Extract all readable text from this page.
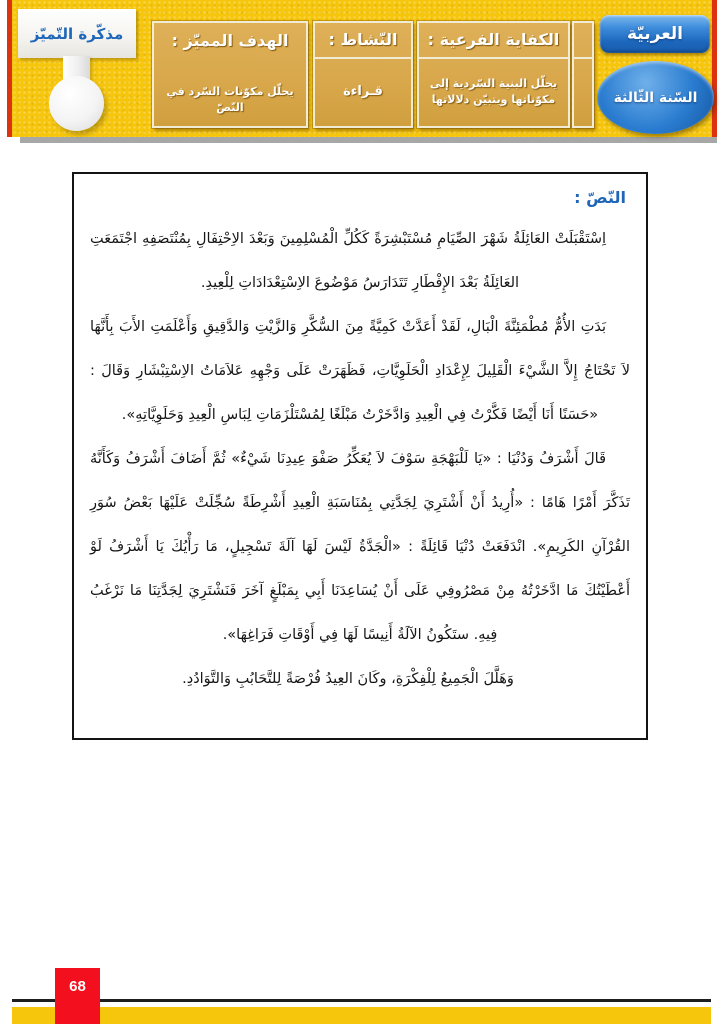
مذكّرة التّميّز	الكفاية الفرعية :
يحلّل البنية السّردية إلى مكوّناتها ويتبيّن دلالاتها
النّشاط :
قـراءة
الهدف المميّز :
يحلّل مكوّنات السّرد في النّصّ
العربيّة
السّنة الثّالثة
النّصّ :

اِسْتَقْبَلَتْ العَائِلَةُ شَهْرَ الصِّيَامِ مُسْتَبْشِرَةً كَكُلِّ الْمُسْلِمِينَ وَبَعْدَ الاِحْتِفَالِ بِمُنْتَصَفِهِ اجْتَمَعَتِ العَائِلَةُ بَعْدَ الإِفْطَارِ تَتَدَارَسُ مَوْضُوعَ الاِسْتِعْدَادَاتِ لِلْعِيدِ.

بَدَتِ الأُمُّ مُطْمَئِنَّةَ الْبَالِ، لَقَدْ أَعَدَّتْ كَمِيَّةً مِنَ السُّكَّرِ وَالزَّيْتِ وَالدَّقِيقِ وَأَعْلَمَتِ الأَبَ بِأَنَّهَا لاَ تَحْتَاجُ إِلاَّ الشَّيْءَ الْقَلِيلَ لِإِعْدَادِ الْحَلَوِيَّاتِ، فَظَهَرَتْ عَلَى وَجْهِهِ عَلاَمَاتُ الاِسْتِبْشَارِ وَقَالَ : «حَسَنًا أَنَا أَيْضًا فَكَّرْتُ فِي الْعِيدِ وَادَّخَرْتُ مَبْلَغًا لِمُسْتَلْزَمَاتِ لِبَاسِ الْعِيدِ وَحَلَوِيَّاتِهِ».

قَالَ أَشْرَفُ وَدُنْيَا : «يَا لَلْبَهْجَةِ سَوْفَ لاَ يُعَكِّرُ صَفْوَ عِيدِنَا شَيْءٌ» ثُمَّ أَضَافَ أَشْرَفُ وَكَأَنَّهُ تَذَكَّرَ أَمْرًا هَامًا : «أُرِيدُ أَنْ أَشْتَرِيَ لِجَدَّتِي بِمُنَاسَبَةِ الْعِيدِ أَشْرِطَةً سُجِّلَتْ عَلَيْهَا بَعْضُ سُوَرِ القُرْآنِ الكَرِيمِ». انْدَفَعَتْ دُنْيَا قَائِلَةً : «الْجَدَّةُ لَيْسَ لَهَا آلَةَ تَسْجِيلٍ، مَا رَأْيُكَ يَا أَشْرَفُ لَوْ أَعْطَيْتُكَ مَا ادَّخَرْتُهُ مِنْ مَصْرُوفِي عَلَى أَنْ يُسَاعِدَنَا أَبِي بِمَبْلَغٍ آخَرَ فَنَشْتَرِيَ لِجَدَّتِنَا مَا نَرْغَبُ فِيهِ. ستَكُونُ الآلَةُ أَنِيسًا لَهَا فِي أَوْقَاتِ فَرَاغِهَا».

وَهَلَّلَ الْجَمِيعُ لِلْفِكْرَةِ، وكَانَ العِيدُ فُرْصَةً لِلتَّحَابُبِ وَالتَّوَادُدِ.

68
